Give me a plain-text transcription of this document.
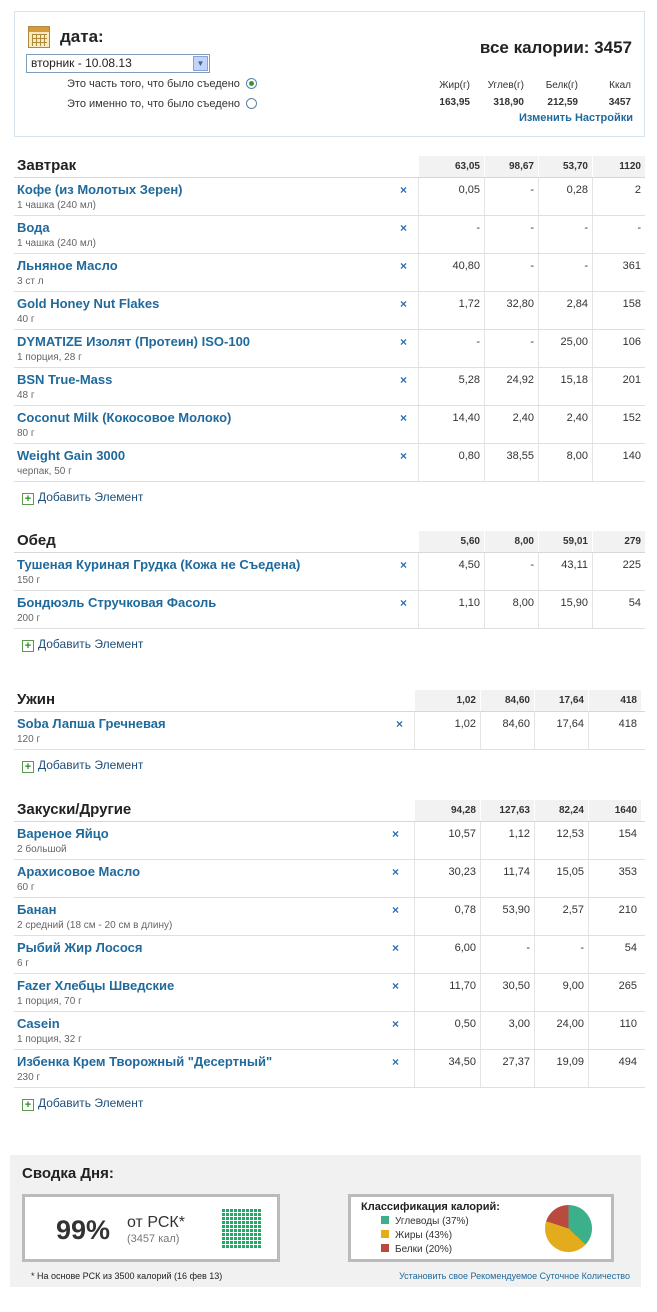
дата:
вторник - 10.08.13	▼
Это часть того, что было съедено
Это именно то, что было съедено
все калории: 3457
Жир(г) Углев(г) Белк(г)	Ккал
163,95 318,90 212,59	3457
Изменить Настройки
Завтрак	63,05	98,67	53,70	1120
Кофе (из Молотых Зерен)
1 чашка (240 мл)
×	0,05	-	0,28	2
Вода
1 чашка (240 мл)
×	-	-	-	-
Льняное Масло
3 ст л
×	40,80	-	-	361
Gold Honey Nut Flakes
40 г
×	1,72	32,80	2,84	158
DYMATIZE Изолят (Протеин) ISO-100
1 порция, 28 г
×	-	-	25,00	106
BSN True-Mass
48 г
×	5,28	24,92	15,18	201
Coconut Milk (Кокосовое Молоко)
80 г
×	14,40	2,40	2,40	152
Weight Gain 3000
черпак, 50 г
×	0,80	38,55	8,00	140
+ Добавить Элемент
Обед	5,60	8,00	59,01	279
Тушеная Куриная Грудка (Кожа не Съедена)
150 г
×	4,50	-	43,11	225
Бондюэль Стручковая Фасоль
200 г
×	1,10	8,00	15,90	54
+ Добавить Элемент
Ужин	1,02	84,60	17,64	418
Soba Лапша Гречневая
120 г
×	1,02	84,60	17,64	418
+ Добавить Элемент
Закуски/Другие	94,28	127,63	82,24	1640
Вареное Яйцо
2 большой
×	10,57	1,12	12,53	154
Арахисовое Масло
60 г
×	30,23	11,74	15,05	353
Банан
2 средний (18 см - 20 см в длину)
×	0,78	53,90	2,57	210
Рыбий Жир Лосося
6 г
×	6,00	-	-	54
Fazer Хлебцы Шведские
1 порция, 70 г
×	11,70	30,50	9,00	265
Casein
1 порция, 32 г
×	0,50	3,00	24,00	110
Избенка Крем Творожный "Десертный"
230 г
×	34,50	27,37	19,09	494
+ Добавить Элемент
Сводка Дня:
99% от РСК*
(3457 кал)
Классификация калорий:
Углеводы (37%)
Жиры (43%)
Белки (20%)
* На основе РСК из 3500 калорий (16 фев 13)	Установить свое Рекомендуемое Суточное Количество
